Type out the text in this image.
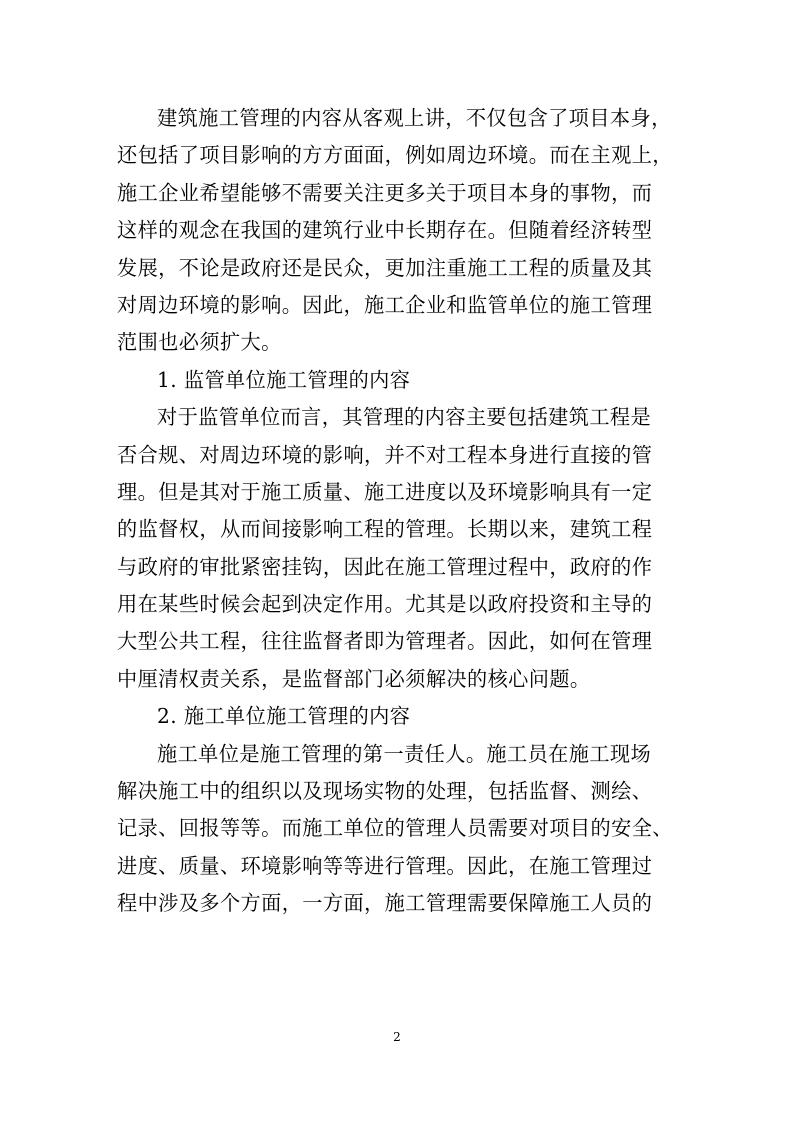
建筑施工管理的内容从客观上讲，不仅包含了项目本身，
还包括了项目影响的方方面面，例如周边环境。而在主观上，
施工企业希望能够不需要关注更多关于项目本身的事物，而
这样的观念在我国的建筑行业中长期存在。但随着经济转型
发展，不论是政府还是民众，更加注重施工工程的质量及其
对周边环境的影响。因此，施工企业和监管单位的施工管理
范围也必须扩大。
1. 监管单位施工管理的内容
对于监管单位而言，其管理的内容主要包括建筑工程是
否合规、对周边环境的影响，并不对工程本身进行直接的管
理。但是其对于施工质量、施工进度以及环境影响具有一定
的监督权，从而间接影响工程的管理。长期以来，建筑工程
与政府的审批紧密挂钩，因此在施工管理过程中，政府的作
用在某些时候会起到决定作用。尤其是以政府投资和主导的
大型公共工程，往往监督者即为管理者。因此，如何在管理
中厘清权责关系，是监督部门必须解决的核心问题。
2. 施工单位施工管理的内容
施工单位是施工管理的第一责任人。施工员在施工现场
解决施工中的组织以及现场实物的处理，包括监督、测绘、
记录、回报等等。而施工单位的管理人员需要对项目的安全、
进度、质量、环境影响等等进行管理。因此，在施工管理过
程中涉及多个方面，一方面，施工管理需要保障施工人员的
2
